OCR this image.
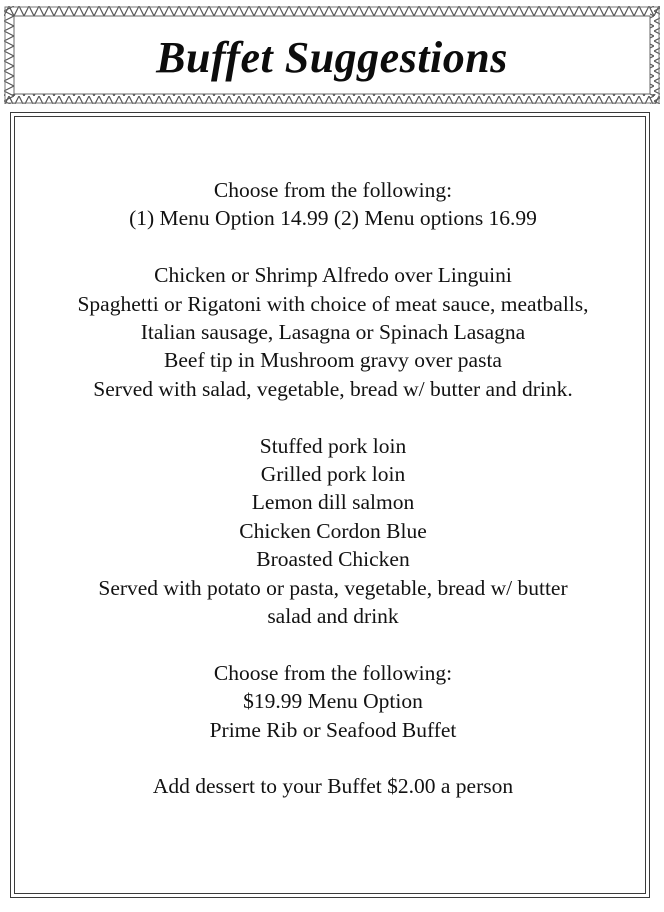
Buffet Suggestions
Choose from the following:
(1) Menu Option 14.99 (2) Menu options 16.99
Chicken or Shrimp Alfredo over Linguini
Spaghetti or Rigatoni with choice of meat sauce, meatballs,
Italian sausage, Lasagna or Spinach Lasagna
Beef tip in Mushroom gravy over pasta
Served with salad, vegetable, bread w/ butter and drink.
Stuffed pork loin
Grilled pork loin
Lemon dill salmon
Chicken Cordon Blue
Broasted Chicken
Served with potato or pasta, vegetable, bread w/ butter
salad and drink
Choose from the following:
$19.99 Menu Option
Prime Rib or Seafood Buffet
Add dessert to your Buffet $2.00 a person
